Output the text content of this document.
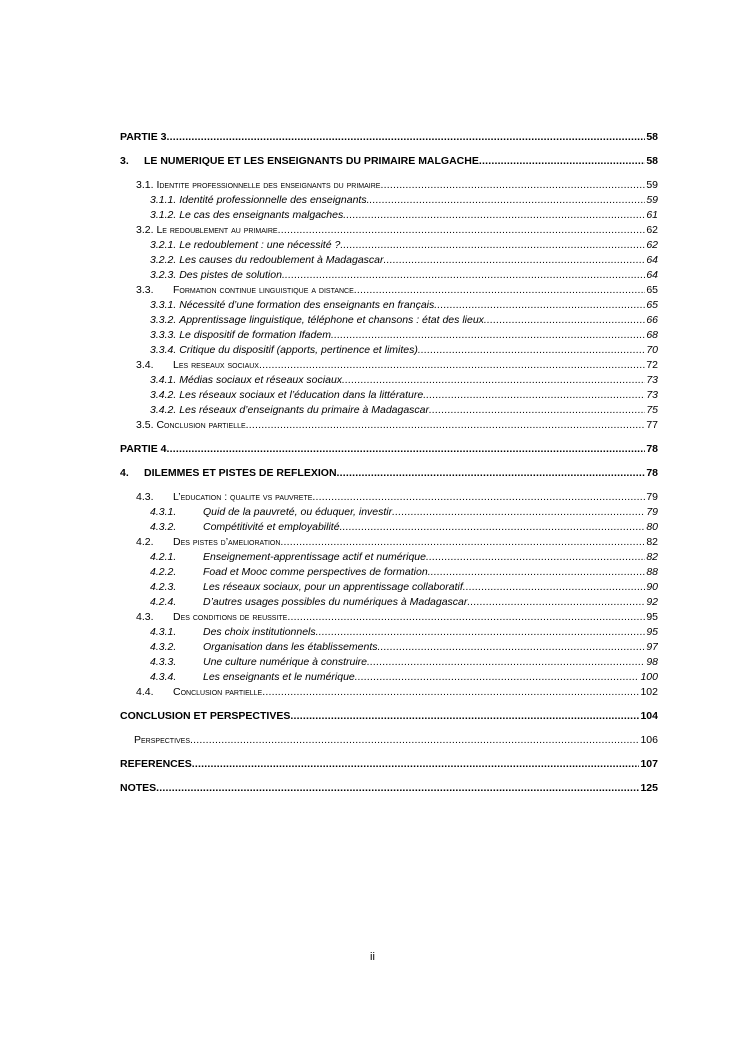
PARTIE 3 .....	58
3.	LE NUMERIQUE ET LES ENSEIGNANTS DU PRIMAIRE MALGACHE .....	58
3.1. Identite professionnelle des enseignants du primaire .....	59
3.1.1. Identité professionnelle des enseignants. .....	59
3.1.2. Le cas des enseignants malgaches .....	61
3.2. Le redoublement au primaire .....	62
3.2.1. Le redoublement : une nécessité ? .....	62
3.2.2. Les causes du redoublement à Madagascar .....	64
3.2.3. Des pistes de solution .....	64
3.3.	Formation continue linguistique a distance .....	65
3.3.1. Nécessité d’une formation des enseignants en français .....	65
3.3.2. Apprentissage linguistique, téléphone et chansons : état des lieux .....	66
3.3.3. Le dispositif de formation Ifadem .....	68
3.3.4. Critique du dispositif (apports, pertinence et limites) .....	70
3.4.	Les reseaux sociaux .....	72
3.4.1. Médias sociaux et réseaux sociaux .....	73
3.4.2. Les réseaux sociaux et l’éducation dans la littérature .....	73
3.4.2. Les réseaux d’enseignants du primaire à Madagascar .....	75
3.5. Conclusion partielle .....	77
PARTIE 4 .....	78
4.	DILEMMES ET PISTES DE REFLEXION .....	78
4.3.	L’education : qualite vs pauvrete .....	79
4.3.1.	Quid de la pauvreté, ou éduquer, investir .....	79
4.3.2.	Compétitivité et employabilité .....	80
4.2.	Des pistes d’amelioration .....	82
4.2.1.	Enseignement-apprentissage actif et numérique .....	82
4.2.2.	Foad et Mooc comme perspectives de formation .....	88
4.2.3.	Les réseaux sociaux, pour un apprentissage collaboratif .....	90
4.2.4.	D’autres usages possibles du numériques à Madagascar .....	92
4.3.	Des conditions de reussite .....	95
4.3.1.	Des choix institutionnels .....	95
4.3.2.	Organisation dans les établissements .....	97
4.3.3.	Une culture numérique à construire .....	98
4.3.4.	Les enseignants et le numérique .....	100
4.4.	Conclusion partielle .....	102
CONCLUSION ET PERSPECTIVES .....	104
Perspectives .....	106
REFERENCES .....	107
NOTES .....	125
ii
